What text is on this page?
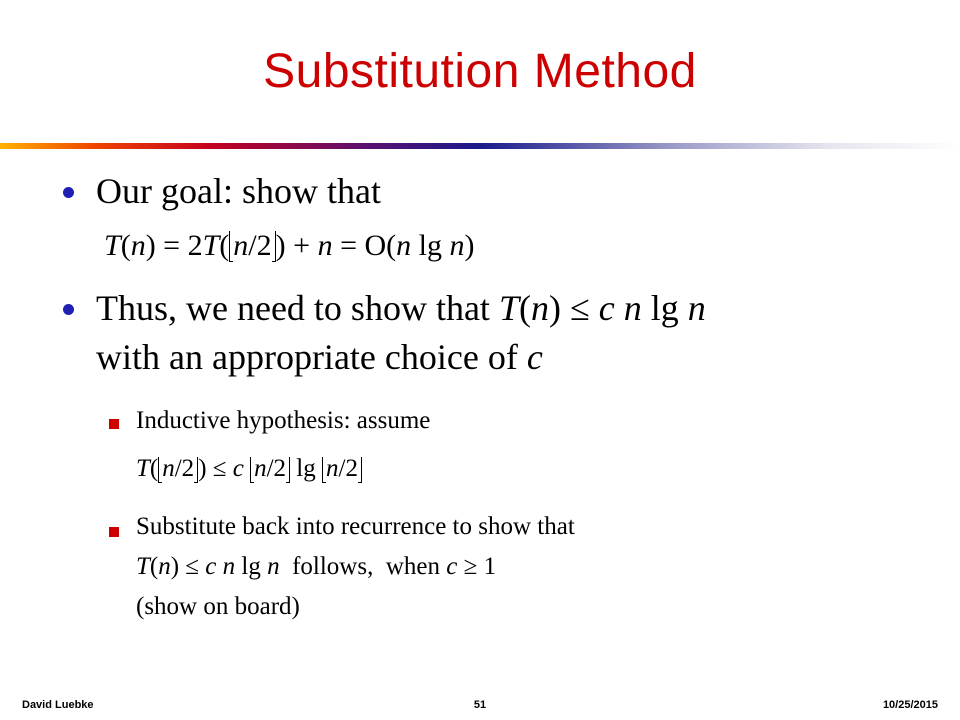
Substitution Method
Our goal: show that
T(n) = 2T( n/2 ) + n = O(n lg n)
Thus, we need to show that T(n) ≤ c n lg n
with an appropriate choice of c
Inductive hypothesis: assume
T( n/2 ) ≤ c n/2 lg n/2
Substitute back into recurrence to show that
T(n) ≤ c n lg n  follows,  when c ≥ 1
(show on board)
David Luebke	51	10/25/2015
